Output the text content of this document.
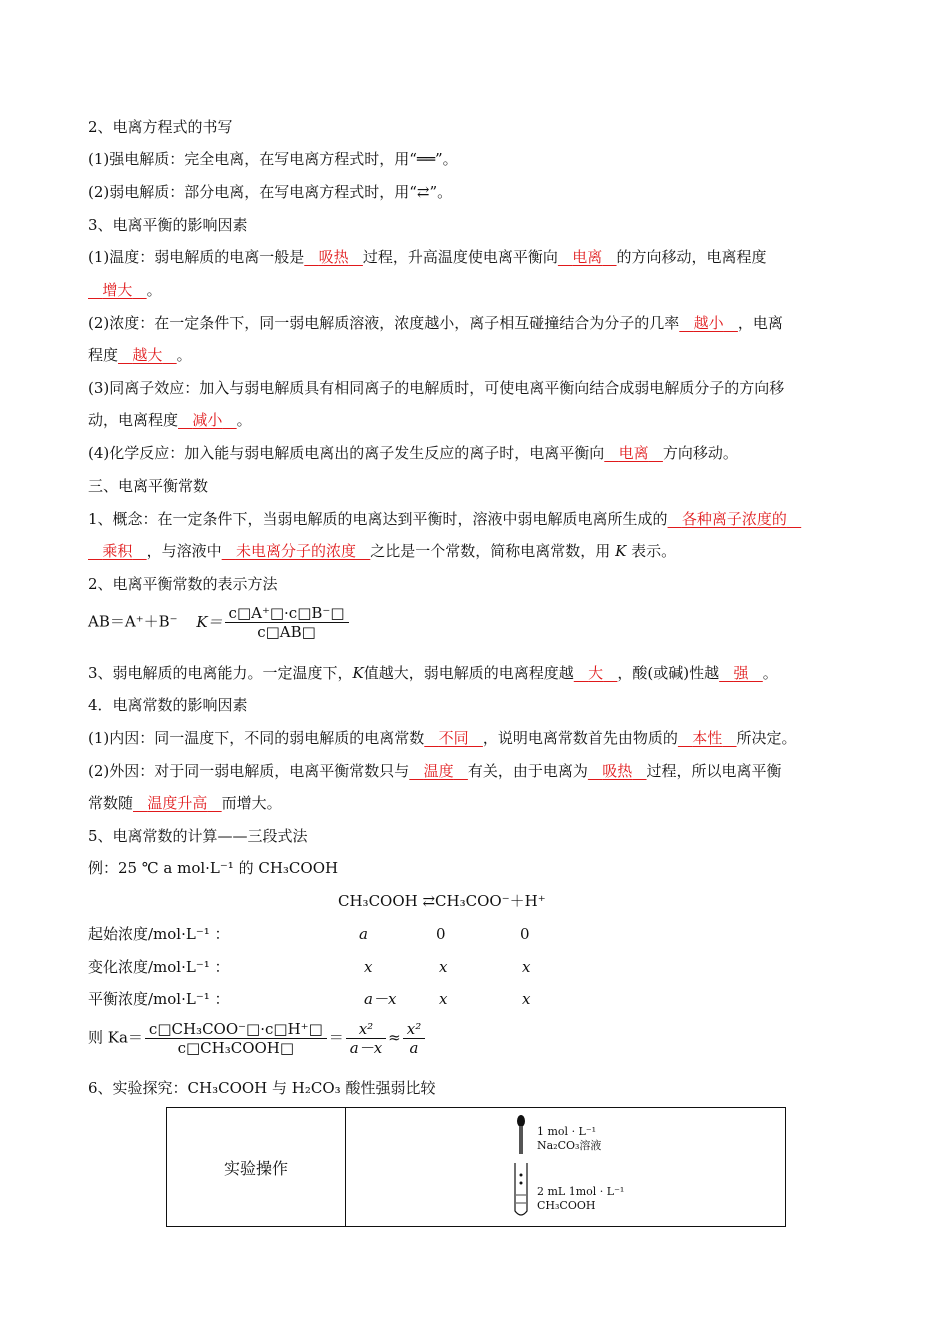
2、电离方程式的书写
(1)强电解质：完全电离，在写电离方程式时，用“══”。
(2)弱电解质：部分电离，在写电离方程式时，用“⇄”。
3、电离平衡的影响因素
(1)温度：弱电解质的电离一般是 吸热 过程，升高温度使电离平衡向 电离 的方向移动，电离程度
增大 。
(2)浓度：在一定条件下，同一弱电解质溶液，浓度越小，离子相互碰撞结合为分子的几率 越小 ，电离
程度 越大 。
(3)同离子效应：加入与弱电解质具有相同离子的电解质时，可使电离平衡向结合成弱电解质分子的方向移
动，电离程度 减小 。
(4)化学反应：加入能与弱电解质电离出的离子发生反应的离子时，电离平衡向 电离 方向移动。
三、电离平衡常数
1、概念：在一定条件下，当弱电解质的电离达到平衡时，溶液中弱电解质电离所生成的 各种离子浓度的
乘积 ，与溶液中 未电离分子的浓度 之比是一个常数，简称电离常数，用 K 表示。
2、电离平衡常数的表示方法
AB＝A⁺＋B⁻ $K= \frac{c□A^+□\cdot c□B^-□}{c□AB□}$
3、弱电解质的电离能力。一定温度下，K值越大，弱电解质的电离程度越 大 ，酸(或碱)性越 强 。
4．电离常数的影响因素
(1)内因：同一温度下，不同的弱电解质的电离常数 不同 ，说明电离常数首先由物质的 本性 所决定。
(2)外因：对于同一弱电解质，电离平衡常数只与 温度 有关，由于电离为 吸热 过程，所以电离平衡
常数随 温度升高 而增大。
5、电离常数的计算——三段式法
例：25 ℃ a mol·L⁻¹ 的 CH₃COOH
CH₃COOH ⇄CH₃COO⁻＋H⁺
起始浓度/mol·L⁻¹ ：	a	0	0
变化浓度/mol·L⁻¹ ：	x	x	x
平衡浓度/mol·L⁻¹ ：	a－x	x	x
则 $Ka= \frac{\text{c□CH₃COO⁻□·c□H⁺□}}{\text{c□CH₃COOH□}} = \frac{\text{x²}}{a-x} \approx \frac{\text{x²}}{a}$
6、实验探究：CH₃COOH 与 H₂CO₃ 酸性强弱比较
实验操作	
1 mol · L⁻¹
Na₂CO₃溶液
2 mL 1mol · L⁻¹
CH₃COOH
